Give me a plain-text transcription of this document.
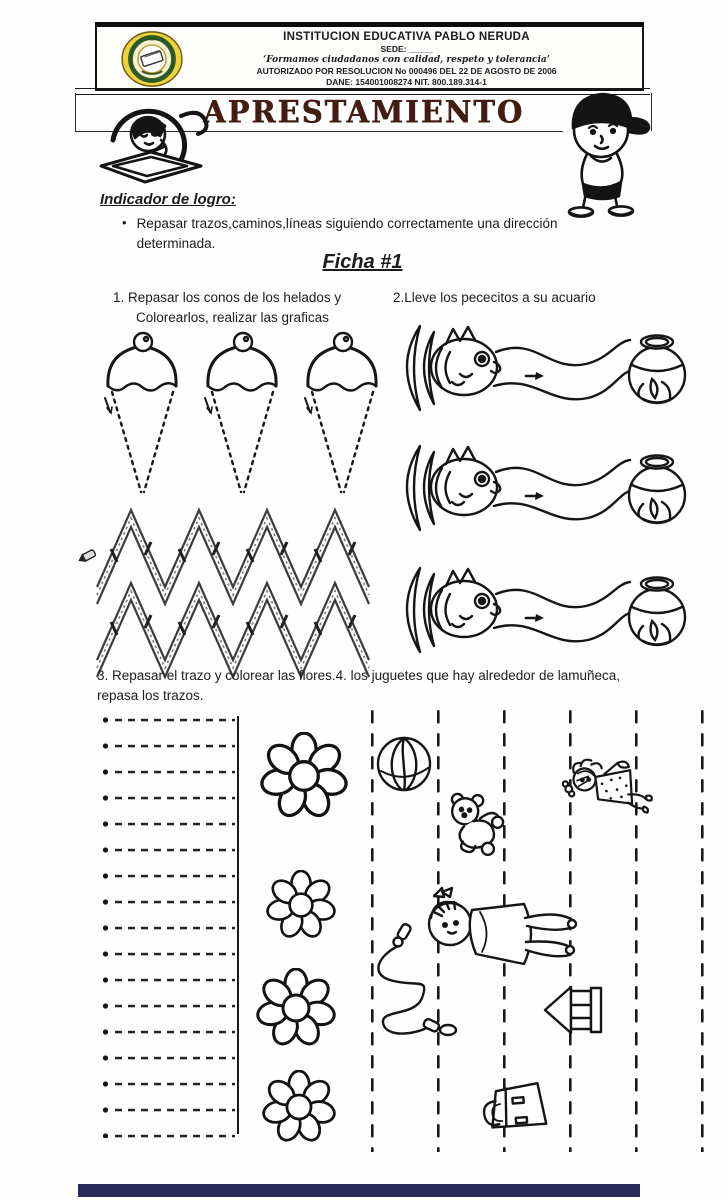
INSTITUCION EDUCATIVA PABLO NERUDA
SEDE: _____
‘Formamos ciudadanos con calidad, respeto y tolerancia’
AUTORIZADO POR RESOLUCION No 000496 DEL 22 DE AGOSTO DE 2006
DANE: 154001008274 NIT. 800.189.314-1
APRESTAMIENTO
Indicador de logro:
• Repasar trazos,caminos,líneas siguiendo correctamente una dirección determinada.
Ficha #1
1. Repasar los conos de los helados y Colorearlos, realizar las graficas
2.Lleve los pececitos a su acuario
3. Repasar el trazo y colorear las flores.4. los juguetes que hay alrededor de lamuñeca, repasa los trazos.
